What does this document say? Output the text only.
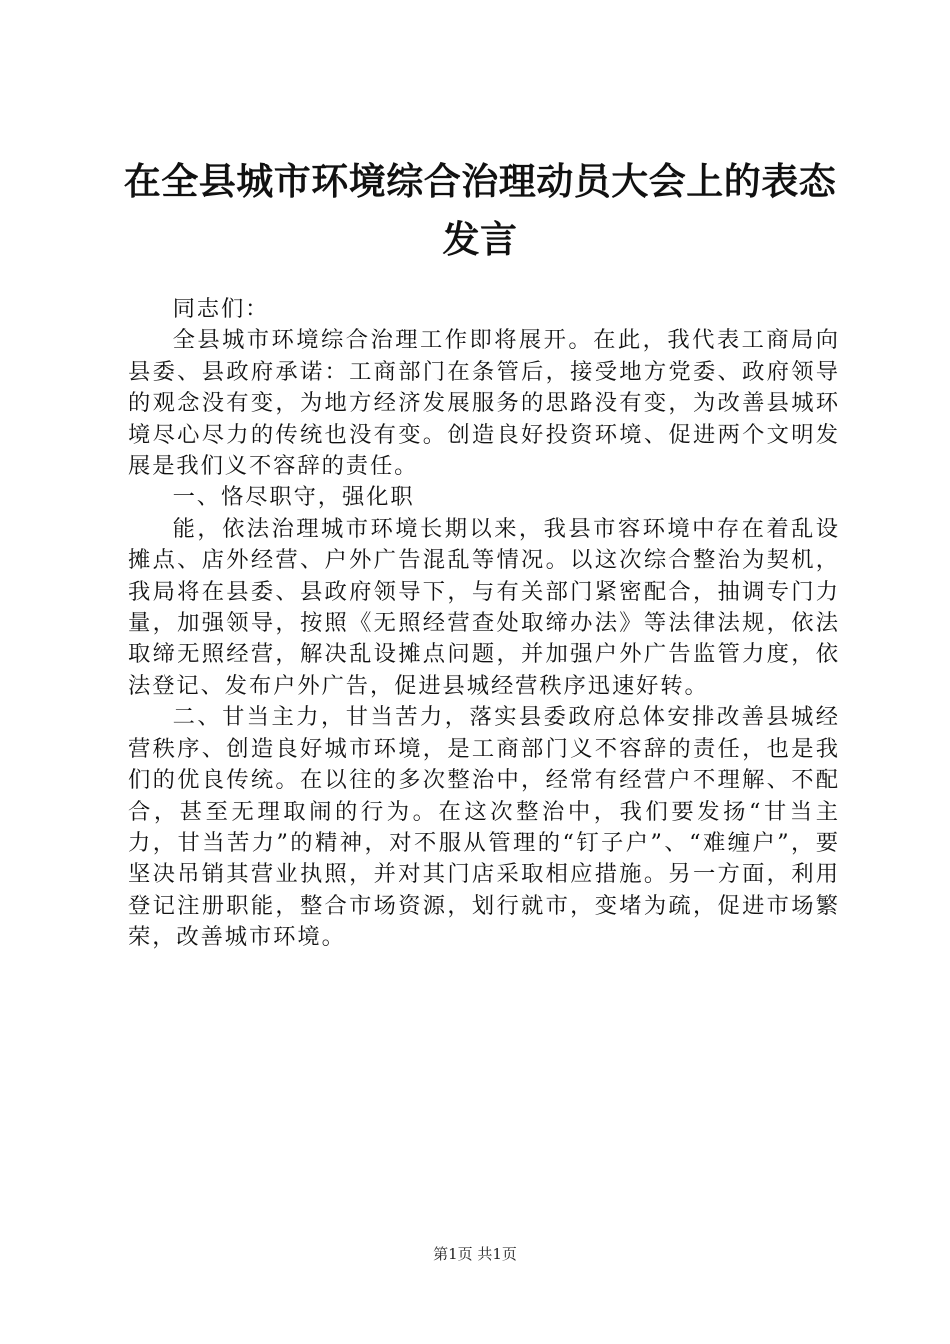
在全县城市环境综合治理动员大会上的表态发言

同志们：

全县城市环境综合治理工作即将展开。在此，我代表工商局向县委、县政府承诺：工商部门在条管后，接受地方党委、政府领导的观念没有变，为地方经济发展服务的思路没有变，为改善县城环境尽心尽力的传统也没有变。创造良好投资环境、促进两个文明发展是我们义不容辞的责任。

一、恪尽职守，强化职

能，依法治理城市环境长期以来，我县市容环境中存在着乱设摊点、店外经营、户外广告混乱等情况。以这次综合整治为契机，我局将在县委、县政府领导下，与有关部门紧密配合，抽调专门力量，加强领导，按照《无照经营查处取缔办法》等法律法规，依法取缔无照经营，解决乱设摊点问题，并加强户外广告监管力度，依法登记、发布户外广告，促进县城经营秩序迅速好转。

二、甘当主力，甘当苦力，落实县委政府总体安排改善县城经营秩序、创造良好城市环境，是工商部门义不容辞的责任，也是我们的优良传统。在以往的多次整治中，经常有经营户不理解、不配合，甚至无理取闹的行为。在这次整治中，我们要发扬“甘当主力，甘当苦力”的精神，对不服从管理的“钉子户”、“难缠户”，要坚决吊销其营业执照，并对其门店采取相应措施。另一方面，利用登记注册职能，整合市场资源，划行就市，变堵为疏，促进市场繁荣，改善城市环境。

第1页 共1页
